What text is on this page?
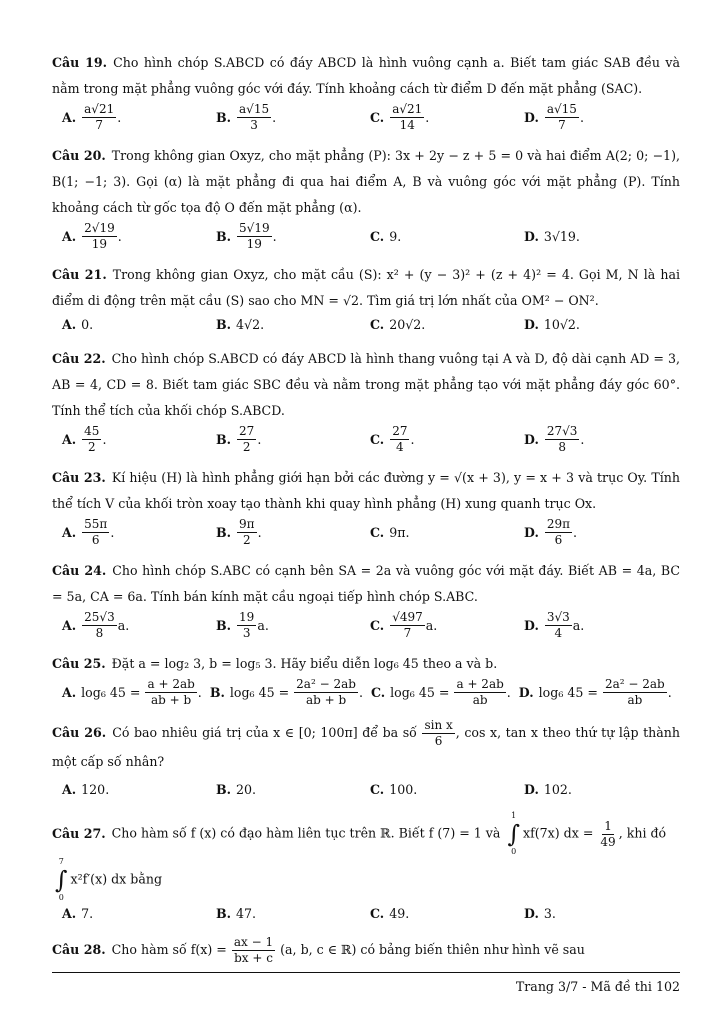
Câu 19. Cho hình chóp S.ABCD có đáy ABCD là hình vuông cạnh a. Biết tam giác SAB đều và nằm trong mặt phẳng vuông góc với đáy. Tính khoảng cách từ điểm D đến mặt phẳng (SAC).
A. $\frac{a√21}{7}$ .	B. $\frac{a√15}{3}$ .	C. $\frac{a√21}{14}$ .	D. $\frac{a√15}{7}$ .
Câu 20. Trong không gian Oxyz, cho mặt phẳng (P): 3x + 2y − z + 5 = 0 và hai điểm A(2; 0; −1), B(1; −1; 3). Gọi (α) là mặt phẳng đi qua hai điểm A, B và vuông góc với mặt phẳng (P). Tính khoảng cách từ gốc tọa độ O đến mặt phẳng (α).
A. $\frac{2√19}{19}$ .	B. $\frac{5√19}{19}$ .	C. 9.	D. 3√19.
Câu 21. Trong không gian Oxyz, cho mặt cầu (S): x² + (y − 3)² + (z + 4)² = 4. Gọi M, N là hai điểm di động trên mặt cầu (S) sao cho MN = √2. Tìm giá trị lớn nhất của OM² − ON².
A. 0.	B. 4√2.	C. 20√2.	D. 10√2.
Câu 22. Cho hình chóp S.ABCD có đáy ABCD là hình thang vuông tại A và D, độ dài cạnh AD = 3, AB = 4, CD = 8. Biết tam giác SBC đều và nằm trong mặt phẳng tạo với mặt phẳng đáy góc 60°. Tính thể tích của khối chóp S.ABCD.
A. $\frac{45}{2}$ .	B. $\frac{27}{2}$ .	C. $\frac{27}{4}$ .	D. $\frac{27√3}{8}$ .
Câu 23. Kí hiệu (H) là hình phẳng giới hạn bởi các đường y = √(x + 3), y = x + 3 và trục Oy. Tính thể tích V của khối tròn xoay tạo thành khi quay hình phẳng (H) xung quanh trục Ox.
A. $\frac{55\pi}{6}$ .	B. $\frac{9\pi}{2}$ .	C. 9π.	D. $\frac{29\pi}{6}$ .
Câu 24. Cho hình chóp S.ABC có cạnh bên SA = 2a và vuông góc với mặt đáy. Biết AB = 4a, BC = 5a, CA = 6a. Tính bán kính mặt cầu ngoại tiếp hình chóp S.ABC.
A. $\frac{25√3}{8} a$.	B. $\frac{19}{3} a$.	C. $\frac{√497}{7} a$.	D. $\frac{3√3}{4} a$.
Câu 25. Đặt a = log₂ 3, b = log₅ 3. Hãy biểu diễn log₆ 45 theo a và b.
A. log₆ 45 =
$\frac{a + 2ab}{ab + b}$ . B. log₆ 45 =
$\frac{\text{2a² − 2ab}}{ab + b}$ . C. log₆ 45 =
$\frac{a + 2ab}{ab}$ . D. log₆ 45 =
$\frac{\text{2a² − 2ab}}{ab}$ .
Câu 26. Có bao nhiêu giá trị của x ∈ [0; 100π] để ba số $\frac{\text{sin x}}{6}$ , cos x, tan x theo thứ tự lập thành một cấp số nhân?
A. 120.	B. 20.	C. 100.	D. 102.
Câu 27. Cho hàm số f (x) có đạo hàm liên tục trên ℝ. Biết f (7) = 1 và
1
∫
0
xf(7x) dx = $\frac{1}{49}$ , khi đó
7
∫
0
x²f′(x) dx bằng
A. 7.	B. 47.	C. 49.	D. 3.
Câu 28. Cho hàm số $f(x) = \frac{ax - 1}{bx + c} (a$, b, c ∈ ℝ) có bảng biến thiên như hình vẽ sau
Trang 3/7 - Mã đề thi 102
